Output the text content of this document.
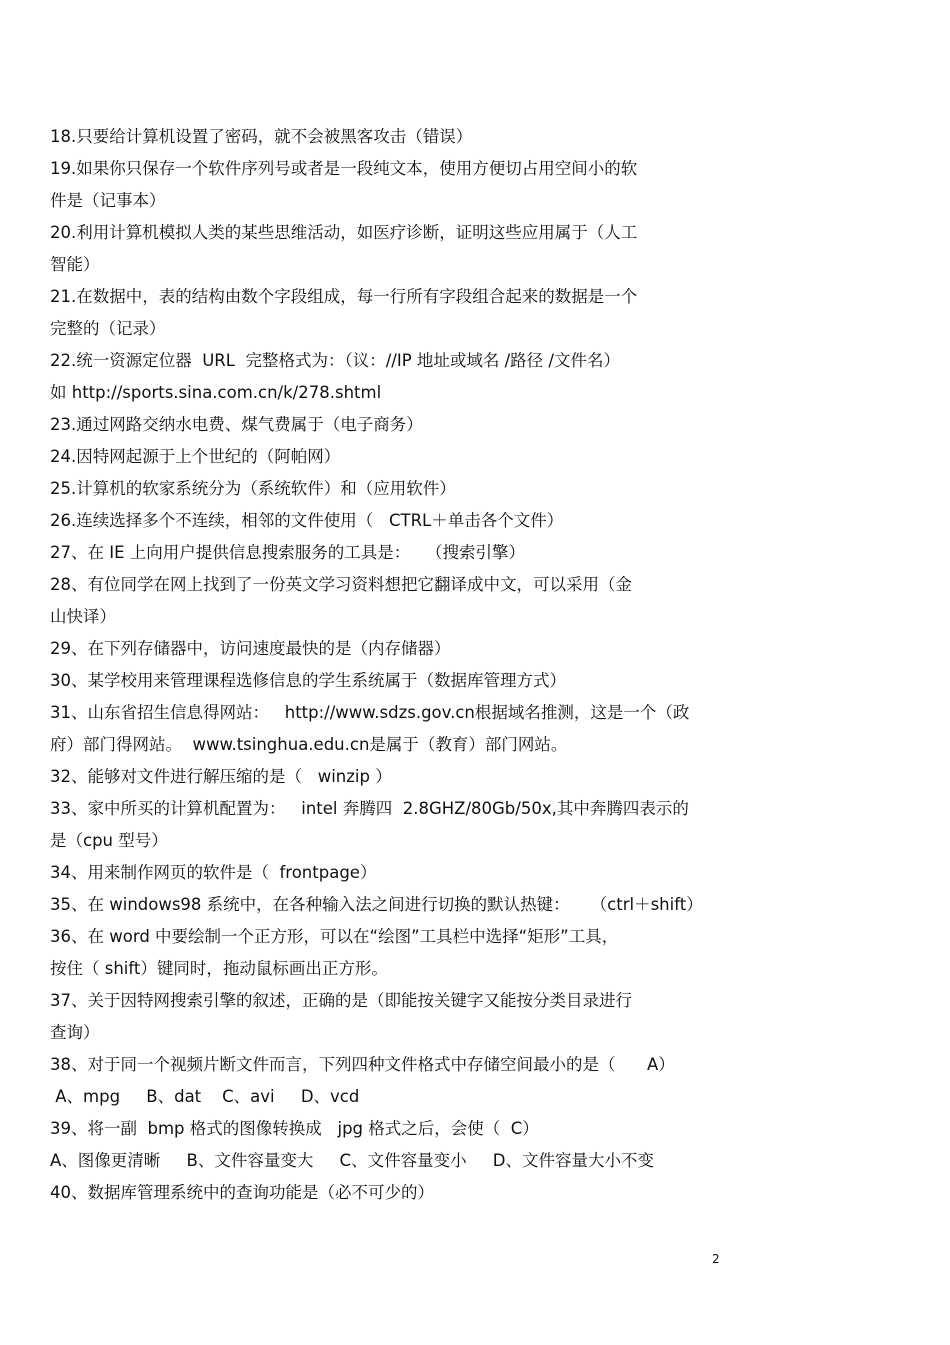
18.只要给计算机设置了密码，就不会被黑客攻击（错误）
19.如果你只保存一个软件序列号或者是一段纯文本，使用方便切占用空间小的软
件是（记事本）
20.利用计算机模拟人类的某些思维活动，如医疗诊断，证明这些应用属于（人工
智能）
21.在数据中，表的结构由数个字段组成，每一行所有字段组合起来的数据是一个
完整的（记录）
22.统一资源定位器  URL  完整格式为：（议：//IP 地址或域名 /路径 /文件名）
如 http://sports.sina.com.cn/k/278.shtml
23.通过网路交纳水电费、煤气费属于（电子商务）
24.因特网起源于上个世纪的（阿帕网）
25.计算机的软家系统分为（系统软件）和（应用软件）
26.连续选择多个不连续，相邻的文件使用（   CTRL＋单击各个文件）
27、在 IE 上向用户提供信息搜索服务的工具是：   （搜索引擎）
28、有位同学在网上找到了一份英文学习资料想把它翻译成中文，可以采用（金
山快译）
29、在下列存储器中，访问速度最快的是（内存储器）
30、某学校用来管理课程选修信息的学生系统属于（数据库管理方式）
31、山东省招生信息得网站：   http://www.sdzs.gov.cn根据域名推测，这是一个（政
府）部门得网站。  www.tsinghua.edu.cn是属于（教育）部门网站。
32、能够对文件进行解压缩的是（   winzip ）
33、家中所买的计算机配置为：   intel 奔腾四  2.8GHZ/80Gb/50x,其中奔腾四表示的
是（cpu 型号）
34、用来制作网页的软件是（  frontpage）
35、在 windows98 系统中，在各种输入法之间进行切换的默认热键：    （ctrl＋shift）
36、在 word 中要绘制一个正方形，可以在“绘图”工具栏中选择“矩形”工具，
按住（ shift）键同时，拖动鼠标画出正方形。
37、关于因特网搜索引擎的叙述，正确的是（即能按关键字又能按分类目录进行
查询）
38、对于同一个视频片断文件而言，下列四种文件格式中存储空间最小的是（      A）
A、mpg     B、dat    C、avi     D、vcd
39、将一副  bmp 格式的图像转换成   jpg 格式之后，会使（  C）
A、图像更清晰     B、文件容量变大     C、文件容量变小     D、文件容量大小不变
40、数据库管理系统中的查询功能是（必不可少的）
2
